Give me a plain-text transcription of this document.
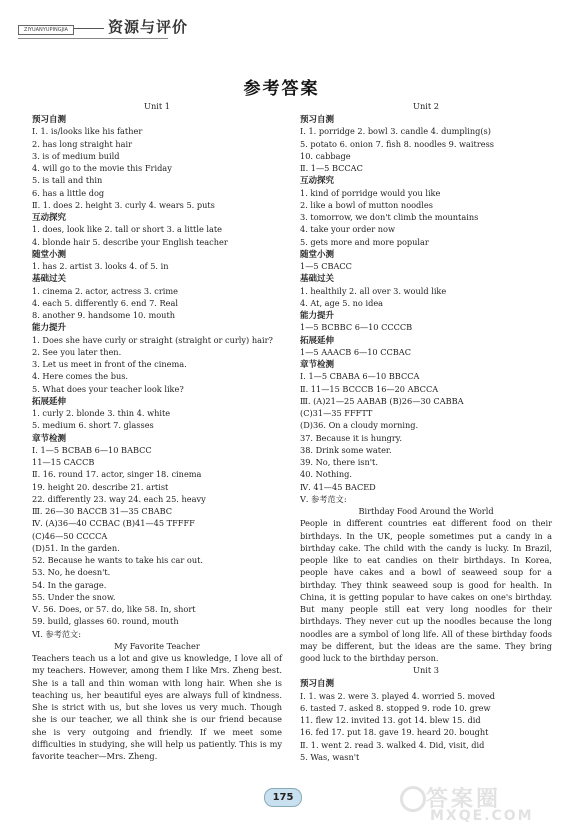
ZIYUANYUPINGJIA	资源与评价
参考答案
Unit 1
预习自测
Ⅰ. 1. is/looks like his father
2. has long straight hair
3. is of medium build
4. will go to the movie this Friday
5. is tall and thin
6. has a little dog
Ⅱ. 1. does 2. height 3. curly 4. wears 5. puts
互动探究
1. does, look like 2. tall or short 3. a little late
4. blonde hair 5. describe your English teacher
随堂小测
1. has 2. artist 3. looks 4. of 5. in
基础过关
1. cinema 2. actor, actress 3. crime
4. each 5. differently 6. end 7. Real
8. another 9. handsome 10. mouth
能力提升
1. Does she have curly or straight (straight or curly) hair?
2. See you later then.
3. Let us meet in front of the cinema.
4. Here comes the bus.
5. What does your teacher look like?
拓展延伸
1. curly 2. blonde 3. thin 4. white
5. medium 6. short 7. glasses
章节检测
Ⅰ. 1—5 BCBAB 6—10 BABCC
11—15 CACCB
Ⅱ. 16. round 17. actor, singer 18. cinema
19. height 20. describe 21. artist
22. differently 23. way 24. each 25. heavy
Ⅲ. 26—30 BACCB 31—35 CBABC
Ⅳ. (A)36—40 CCBAC (B)41—45 TFFFF
(C)46—50 CCCCA
(D)51. In the garden.
52. Because he wants to take his car out.
53. No, he doesn't.
54. In the garage.
55. Under the snow.
Ⅴ. 56. Does, or 57. do, like 58. In, short
59. build, glasses 60. round, mouth
Ⅵ. 参考范文:
My Favorite Teacher
Teachers teach us a lot and give us knowledge, I love all of my teachers. However, among them I like Mrs. Zheng best. She is a tall and thin woman with long hair. When she is teaching us, her beautiful eyes are always full of kindness. She is strict with us, but she loves us very much. Though she is our teacher, we all think she is our friend because she is very outgoing and friendly. If we meet some difficulties in studying, she will help us patiently. This is my favorite teacher—Mrs. Zheng.
Unit 2
预习自测
Ⅰ. 1. porridge 2. bowl 3. candle 4. dumpling(s)
5. potato 6. onion 7. fish 8. noodles 9. waitress
10. cabbage
Ⅱ. 1—5 BCCAC
互动探究
1. kind of porridge would you like
2. like a bowl of mutton noodles
3. tomorrow, we don't climb the mountains
4. take your order now
5. gets more and more popular
随堂小测
1—5 CBACC
基础过关
1. healthily 2. all over 3. would like
4. At, age 5. no idea
能力提升
1—5 BCBBC 6—10 CCCCB
拓展延伸
1—5 AAACB 6—10 CCBAC
章节检测
Ⅰ. 1—5 CBABA 6—10 BBCCA
Ⅱ. 11—15 BCCCB 16—20 ABCCA
Ⅲ. (A)21—25 AABAB (B)26—30 CABBA
(C)31—35 FFFTT
(D)36. On a cloudy morning.
37. Because it is hungry.
38. Drink some water.
39. No, there isn't.
40. Nothing.
Ⅳ. 41—45 BACED
Ⅴ. 参考范文:
Birthday Food Around the World
People in different countries eat different food on their birthdays. In the UK, people sometimes put a candy in a birthday cake. The child with the candy is lucky. In Brazil, people like to eat candies on their birthdays. In Korea, people have cakes and a bowl of seaweed soup for a birthday. They think seaweed soup is good for health. In China, it is getting popular to have cakes on one's birthday. But many people still eat very long noodles for their birthdays. They never cut up the noodles because the long noodles are a symbol of long life. All of these birthday foods may be different, but the ideas are the same. They bring good luck to the birthday person.
Unit 3
预习自测
Ⅰ. 1. was 2. were 3. played 4. worried 5. moved
6. tasted 7. asked 8. stopped 9. rode 10. grew
11. flew 12. invited 13. got 14. blew 15. did
16. fed 17. put 18. gave 19. heard 20. bought
Ⅱ. 1. went 2. read 3. walked 4. Did, visit, did
5. Was, wasn't
175	答案圈
MXQE.COM
